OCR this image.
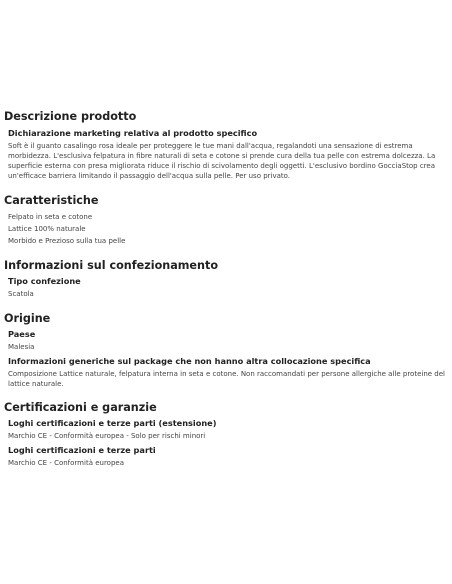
Descrizione prodotto
Dichiarazione marketing relativa al prodotto specifico
Soft è il guanto casalingo rosa ideale per proteggere le tue mani dall'acqua, regalandoti una sensazione di estrema morbidezza. L'esclusiva felpatura in fibre naturali di seta e cotone si prende cura della tua pelle con estrema dolcezza. La superficie esterna con presa migliorata riduce il rischio di scivolamento degli oggetti. L'esclusivo bordino GocciaStop crea un'efficace barriera limitando il passaggio dell'acqua sulla pelle. Per uso privato.
Caratteristiche
Felpato in seta e cotone
Lattice 100% naturale
Morbido e Prezioso sulla tua pelle
Informazioni sul confezionamento
Tipo confezione
Scatola
Origine
Paese
Malesia
Informazioni generiche sul package che non hanno altra collocazione specifica
Composizione Lattice naturale, felpatura interna in seta e cotone. Non raccomandati per persone allergiche alle proteine del lattice naturale.
Certificazioni e garanzie
Loghi certificazioni e terze parti (estensione)
Marchio CE - Conformità europea - Solo per rischi minori
Loghi certificazioni e terze parti
Marchio CE - Conformità europea
